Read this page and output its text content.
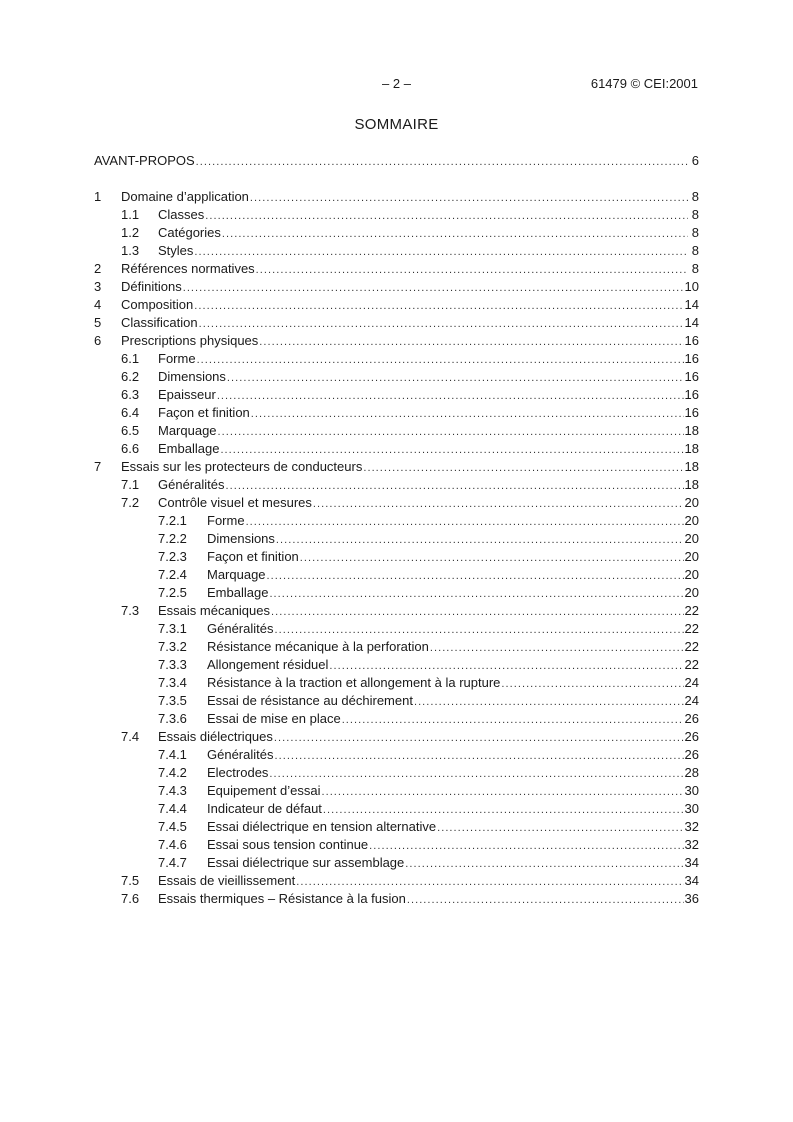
– 2 –	61479 © CEI:2001
SOMMAIRE
AVANT-PROPOS . . .	6
1	Domaine d’application . . .	8
1.1	Classes . . .	8
1.2	Catégories . . .	8
1.3	Styles . . .	8
2	Références normatives . . .	8
3	Définitions . . .	10
4	Composition . . .	14
5	Classification . . .	14
6	Prescriptions physiques . . .	16
6.1	Forme . . .	16
6.2	Dimensions . . .	16
6.3	Epaisseur . . .	16
6.4	Façon et finition . . .	16
6.5	Marquage . . .	18
6.6	Emballage . . .	18
7	Essais sur les protecteurs de conducteurs . . .	18
7.1	Généralités . . .	18
7.2	Contrôle visuel et mesures . . .	20
7.2.1	Forme . . .	20
7.2.2	Dimensions . . .	20
7.2.3	Façon et finition . . .	20
7.2.4	Marquage . . .	20
7.2.5	Emballage . . .	20
7.3	Essais mécaniques . . .	22
7.3.1	Généralités . . .	22
7.3.2	Résistance mécanique à la perforation . . .	22
7.3.3	Allongement résiduel . . .	22
7.3.4	Résistance à la traction et allongement à la rupture . . .	24
7.3.5	Essai de résistance au déchirement . . .	24
7.3.6	Essai de mise en place . . .	26
7.4	Essais diélectriques . . .	26
7.4.1	Généralités . . .	26
7.4.2	Electrodes . . .	28
7.4.3	Equipement d’essai . . .	30
7.4.4	Indicateur de défaut . . .	30
7.4.5	Essai diélectrique en tension alternative . . .	32
7.4.6	Essai sous tension continue . . .	32
7.4.7	Essai diélectrique sur assemblage . . .	34
7.5	Essais de vieillissement . . .	34
7.6	Essais thermiques – Résistance à la fusion . . .	36
